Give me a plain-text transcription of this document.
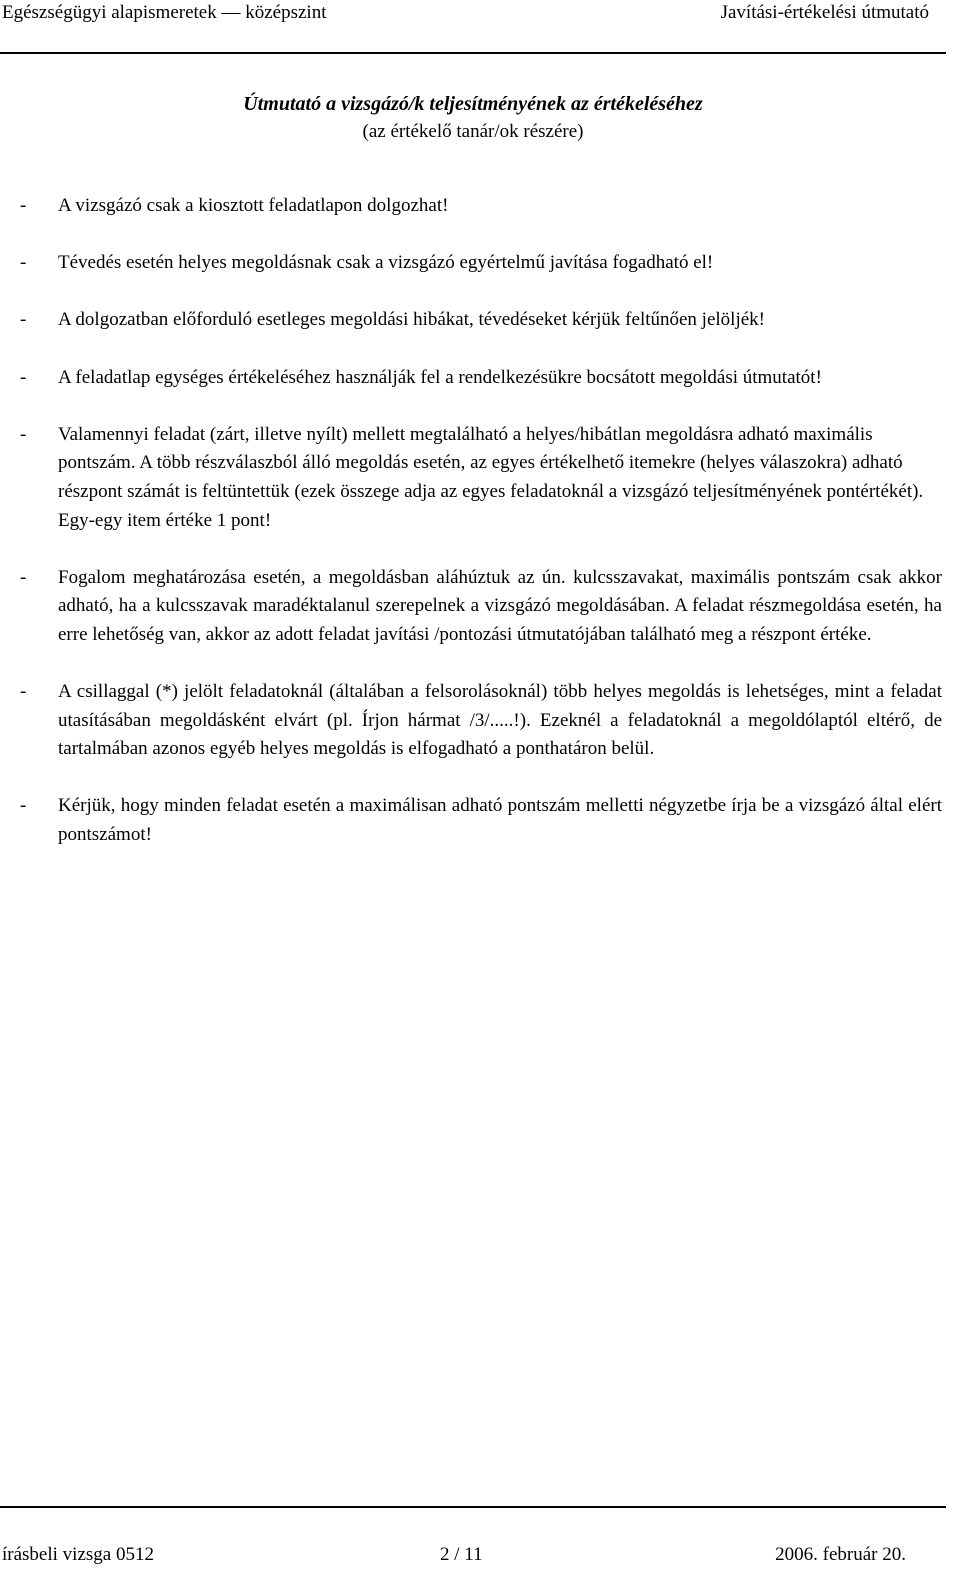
Egészségügyi alapismeretek — középszint	Javítási-értékelési útmutató
Útmutató a vizsgázó/k teljesítményének az értékeléséhez
(az értékelő tanár/ok részére)
- A vizsgázó csak a kiosztott feladatlapon dolgozhat!
- Tévedés esetén helyes megoldásnak csak a vizsgázó egyértelmű javítása fogadható el!
- A dolgozatban előforduló esetleges megoldási hibákat, tévedéseket kérjük feltűnően jelöljék!
- A feladatlap egységes értékeléséhez használják fel a rendelkezésükre bocsátott megoldási útmutatót!
- Valamennyi feladat (zárt, illetve nyílt) mellett megtalálható a helyes/hibátlan megoldásra adható maximális pontszám. A több részválaszból álló megoldás esetén, az egyes értékelhető itemekre (helyes válaszokra) adható részpont számát is feltüntettük (ezek összege adja az egyes feladatoknál a vizsgázó teljesítményének pontértékét). Egy-egy item értéke 1 pont!
- Fogalom meghatározása esetén, a megoldásban aláhúztuk az ún. kulcsszavakat, maximális pontszám csak akkor adható, ha a kulcsszavak maradéktalanul szerepelnek a vizsgázó megoldásában. A feladat részmegoldása esetén, ha erre lehetőség van, akkor az adott feladat javítási /pontozási útmutatójában található meg a részpont értéke.
- A csillaggal (*) jelölt feladatoknál (általában a felsorolásoknál) több helyes megoldás is lehetséges, mint a feladat utasításában megoldásként elvárt (pl. Írjon hármat /3/.....!). Ezeknél a feladatoknál a megoldólaptól eltérő, de tartalmában azonos egyéb helyes megoldás is elfogadható a ponthatáron belül.
- Kérjük, hogy minden feladat esetén a maximálisan adható pontszám melletti négyzetbe írja be a vizsgázó által elért pontszámot!
írásbeli vizsga 0512	2 / 11	2006. február 20.
